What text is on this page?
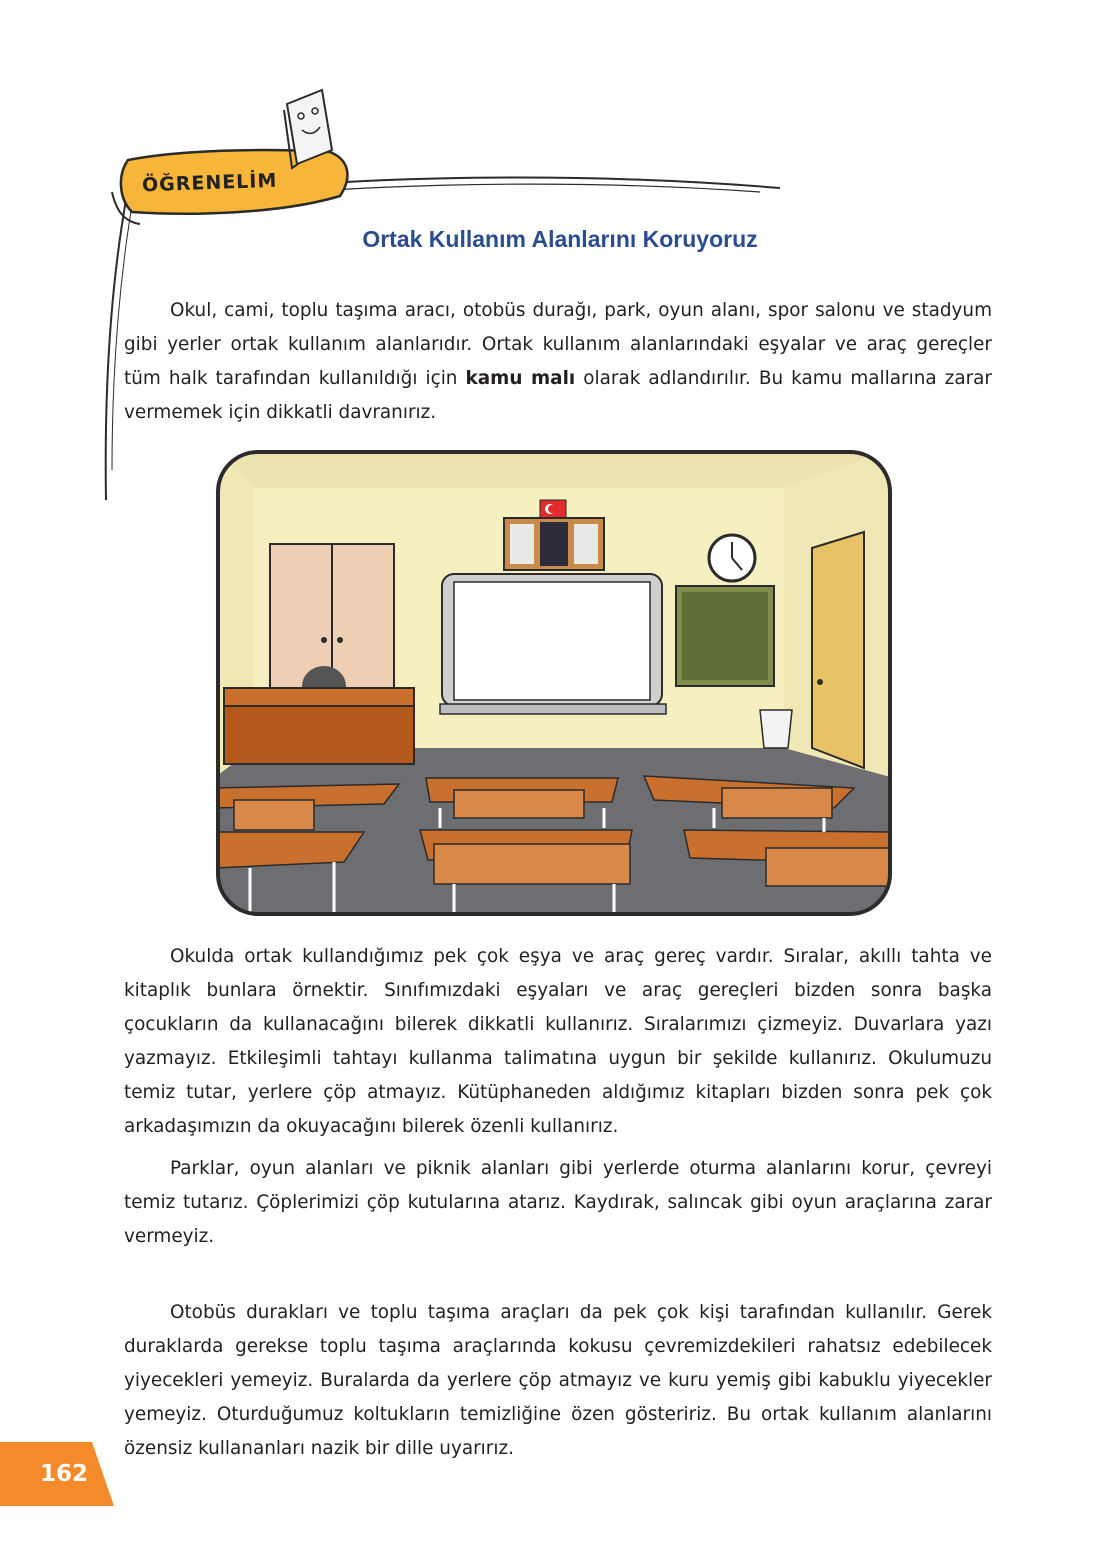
ÖĞRENELİM
Ortak Kullanım Alanlarını Koruyoruz

Okul, cami, toplu taşıma aracı, otobüs durağı, park, oyun alanı, spor salonu ve stadyum gibi yerler ortak kullanım alanlarıdır. Ortak kullanım alanlarındaki eşyalar ve araç gereçler tüm halk tarafından kullanıldığı için kamu malı olarak adlandırılır. Bu kamu mallarına zarar vermemek için dikkatli davranırız.

Okulda ortak kullandığımız pek çok eşya ve araç gereç vardır. Sıralar, akıllı tahta ve kitaplık bunlara örnektir. Sınıfımızdaki eşyaları ve araç gereçleri bizden sonra başka çocukların da kullanacağını bilerek dikkatli kullanırız. Sıralarımızı çizmeyiz. Duvarlara yazı yazmayız. Etkileşimli tahtayı kullanma talimatına uygun bir şekilde kullanırız. Okulumuzu temiz tutar, yerlere çöp atmayız. Kütüphaneden aldığımız kitapları bizden sonra pek çok arkadaşımızın da okuyacağını bilerek özenli kullanırız.

Parklar, oyun alanları ve piknik alanları gibi yerlerde oturma alanlarını korur, çevreyi temiz tutarız. Çöplerimizi çöp kutularına atarız. Kaydırak, salıncak gibi oyun araçlarına zarar vermeyiz.

Otobüs durakları ve toplu taşıma araçları da pek çok kişi tarafından kullanılır. Gerek duraklarda gerekse toplu taşıma araçlarında kokusu çevremizdekileri rahatsız edebilecek yiyecekleri yemeyiz. Buralarda da yerlere çöp atmayız ve kuru yemiş gibi kabuklu yiyecekler yemeyiz. Oturduğumuz koltukların temizliğine özen gösteririz. Bu ortak kullanım alanlarını özensiz kullananları nazik bir dille uyarırız.

162
